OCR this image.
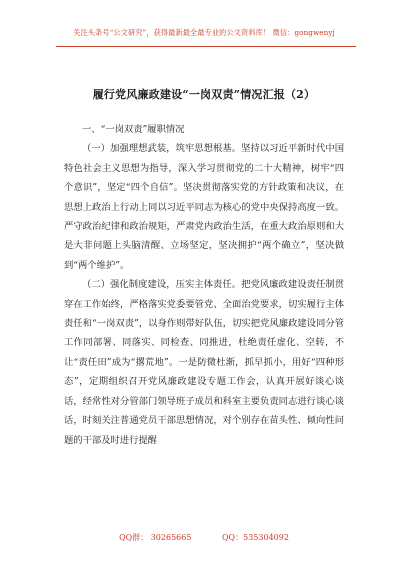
关注头条号“公文研究”，获得最新最全最专业的公文资料库！ 微信：gongwenyj
履行党风廉政建设“一岗双责”情况汇报（2）

一、“一岗双责”履职情况

（一）加强理想武装，筑牢思想根基。坚持以习近平新时代中国特色社会主义思想为指导，深入学习贯彻党的二十大精神，树牢“四个意识”，坚定“四个自信”。坚决贯彻落实党的方针政策和决议，在思想上政治上行动上同以习近平同志为核心的党中央保持高度一致。严守政治纪律和政治规矩，严肃党内政治生活，在重大政治原则和大是大非问题上头脑清醒、立场坚定，坚决拥护“两个确立”，坚决做到“两个维护”。

（二）强化制度建设，压实主体责任。把党风廉政建设责任制贯穿在工作始终，严格落实党委要管党、全面治党要求，切实履行主体责任和“一岗双责”，以身作则带好队伍，切实把党风廉政建设同分管工作同部署、同落实、同检查、同推进，杜绝责任虚化、空转，不让“责任田”成为“撂荒地”。一是防微杜渐，抓早抓小，用好“四种形态”，定期组织召开党风廉政建设专题工作会，认真开展好谈心谈话，经常性对分管部门领导班子成员和科室主要负责同志进行谈心谈话，时刻关注普通党员干部思想情况，对个别存在苗头性、倾向性问题的干部及时进行提醒

QQ群： 30265665	QQ：535304092
